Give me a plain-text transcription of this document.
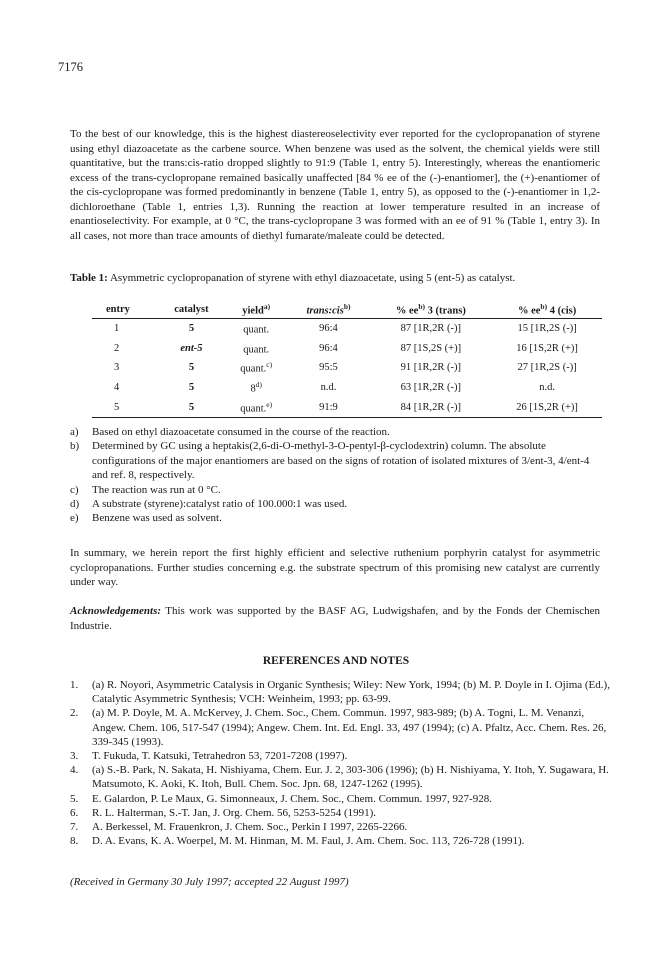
7176

To the best of our knowledge, this is the highest diastereoselectivity ever reported for the cyclopropanation of styrene using ethyl diazoacetate as the carbene source. When benzene was used as the solvent, the chemical yields were still quantitative, but the trans:cis-ratio dropped slightly to 91:9 (Table 1, entry 5). Interestingly, whereas the enantiomeric excess of the trans-cyclopropane remained basically unaffected [84 % ee of the (-)-enantiomer], the (+)-enantiomer of the cis-cyclopropane was formed predominantly in benzene (Table 1, entry 5), as opposed to the (-)-enantiomer in 1,2-dichloroethane (Table 1, entries 1,3). Running the reaction at lower temperature resulted in an increase of enantioselectivity. For example, at 0 °C, the trans-cyclopropane 3 was formed with an ee of 91 % (Table 1, entry 3). In all cases, not more than trace amounts of diethyl fumarate/maleate could be detected.

Table 1: Asymmetric cyclopropanation of styrene with ethyl diazoacetate, using 5 (ent-5) as catalyst.
entry	catalyst	yield$^{a)}$	trans:cis$^{b)}$	% $ee^{b)}$ 3 (trans)	% $ee^{b)}$ 4 (cis)
1	5	quant.	96:4	87 [1R,2R (-)]	15 [1R,2S (-)]
2	ent-5	quant.	96:4	87 [1S,2S (+)]	16 [1S,2R (+)]
3	5	quant.$^{c)}$	95:5	91 [1R,2R (-)]	27 [1R,2S (-)]
4	5	8$^{d)}$	n.d.	63 [1R,2R (-)]	n.d.
5	5	quant.$^{e)}$	91:9	84 [1R,2R (-)]	26 [1S,2R (+)]
a)	Based on ethyl diazoacetate consumed in the course of the reaction.
b)	Determined by GC using a heptakis(2,6-di-O-methyl-3-O-pentyl-β-cyclodextrin) column. The absolute configurations of the major enantiomers are based on the signs of rotation of isolated mixtures of 3/ent-3, 4/ent-4 and ref. 8, respectively.
c)	The reaction was run at 0 °C.
d)	A substrate (styrene):catalyst ratio of 100.000:1 was used.
e)	Benzene was used as solvent.

In summary, we herein report the first highly efficient and selective ruthenium porphyrin catalyst for asymmetric cyclopropanations. Further studies concerning e.g. the substrate spectrum of this promising new catalyst are currently under way.

Acknowledgements: This work was supported by the BASF AG, Ludwigshafen, and by the Fonds der Chemischen Industrie.

REFERENCES AND NOTES
1.	(a) R. Noyori, Asymmetric Catalysis in Organic Synthesis; Wiley: New York, 1994; (b) M. P. Doyle in I. Ojima (Ed.), Catalytic Asymmetric Synthesis; VCH: Weinheim, 1993; pp. 63-99.
2.	(a) M. P. Doyle, M. A. McKervey, J. Chem. Soc., Chem. Commun. 1997, 983-989; (b) A. Togni, L. M. Venanzi, Angew. Chem. 106, 517-547 (1994); Angew. Chem. Int. Ed. Engl. 33, 497 (1994); (c) A. Pfaltz, Acc. Chem. Res. 26, 339-345 (1993).
3.	T. Fukuda, T. Katsuki, Tetrahedron 53, 7201-7208 (1997).
4.	(a) S.-B. Park, N. Sakata, H. Nishiyama, Chem. Eur. J. 2, 303-306 (1996); (b) H. Nishiyama, Y. Itoh, Y. Sugawara, H. Matsumoto, K. Aoki, K. Itoh, Bull. Chem. Soc. Jpn. 68, 1247-1262 (1995).
5.	E. Galardon, P. Le Maux, G. Simonneaux, J. Chem. Soc., Chem. Commun. 1997, 927-928.
6.	R. L. Halterman, S.-T. Jan, J. Org. Chem. 56, 5253-5254 (1991).
7.	A. Berkessel, M. Frauenkron, J. Chem. Soc., Perkin I 1997, 2265-2266.
8.	D. A. Evans, K. A. Woerpel, M. M. Hinman, M. M. Faul, J. Am. Chem. Soc. 113, 726-728 (1991).
(Received in Germany 30 July 1997; accepted 22 August 1997)
